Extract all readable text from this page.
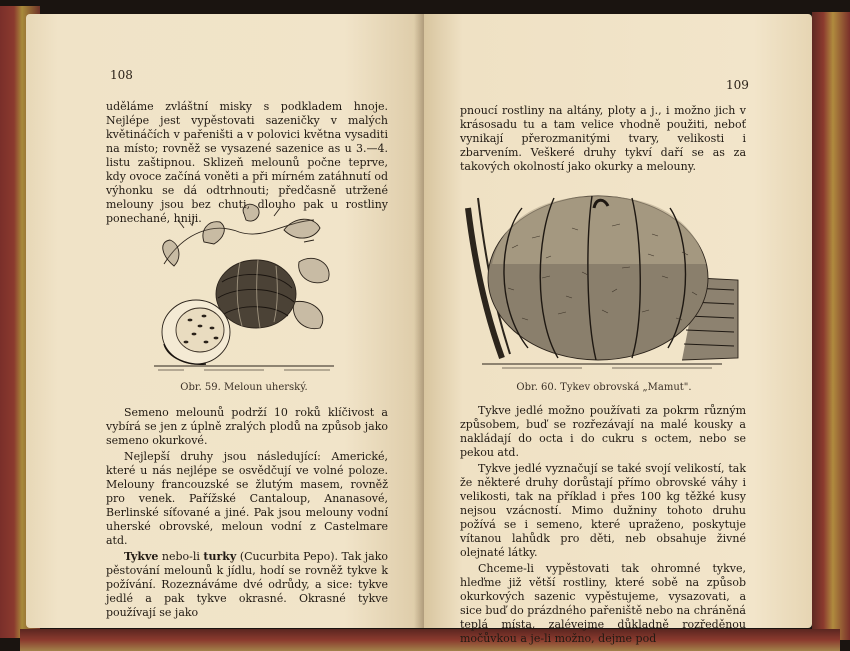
108

uděláme zvláštní misky s podkladem hnoje. Nejlépe jest vypěstovati sazeničky v malých květináčích v pařeništi a v polovici května vysaditi na místo; rovněž se vysazené sazenice as u 3.—4. listu zaštipnou. Sklizeň melounů počne teprve, kdy ovoce začíná voněti a při mírném zatáhnutí od výhonku se dá odtrhnouti; předčasně utržené melouny jsou bez chuti, dlouho pak u rostliny ponechané, hniji.

Obr. 59. Meloun uherský.

Semeno melounů podrží 10 roků klíčivost a vybírá se jen z úplně zralých plodů na způsob jako semeno okurkové.

Nejlepší druhy jsou následující: Americké, které u nás nejlépe se osvědčují ve volné poloze. Melouny francouzské se žlutým masem, rovněž pro venek. Pařížské Cantaloup, Ananasové, Berlinské síťované a jiné. Pak jsou melouny vodní uherské obrovské, meloun vodní z Castelmare atd.

Tykve nebo-li turky (Cucurbita Pepo). Tak jako pěstování melounů k jídlu, hodí se rovněž tykve k požívání. Rozeznáváme dvé odrůdy, a sice: tykve jedlé a pak tykve okrasné. Okrasné tykve používají se jako

109

pnoucí rostliny na altány, ploty a j., i možno jich v krásosadu tu a tam velice vhodně použiti, neboť vynikají přerozmanitými tvary, velikosti i zbarvením. Veškeré druhy tykví daří se as za takových okolností jako okurky a melouny.

Obr. 60. Tykev obrovská „Mamut".

Tykve jedlé možno používati za pokrm různým způsobem, buď se rozřezávají na malé kousky a nakládají do octa i do cukru s octem, nebo se pekou atd.

Tykve jedlé vyznačují se také svojí velikostí, tak že některé druhy dorůstají přímo obrovské váhy i velikosti, tak na příklad i přes 100 kg těžké kusy nejsou vzácností. Mimo dužniny tohoto druhu požívá se i semeno, které upraženo, poskytuje vítanou lahůdk pro děti, neb obsahuje živné olejnaté látky.

Chceme-li vypěstovati tak ohromné tykve, hleďme již větší rostliny, které sobě na způsob okurkových sazenic vypěstujeme, vysazovati, a sice buď do prázdného pařeniště nebo na chráněná teplá místa, zalévejme důkladně rozředěnou močůvkou a je-li možno, dejme pod
